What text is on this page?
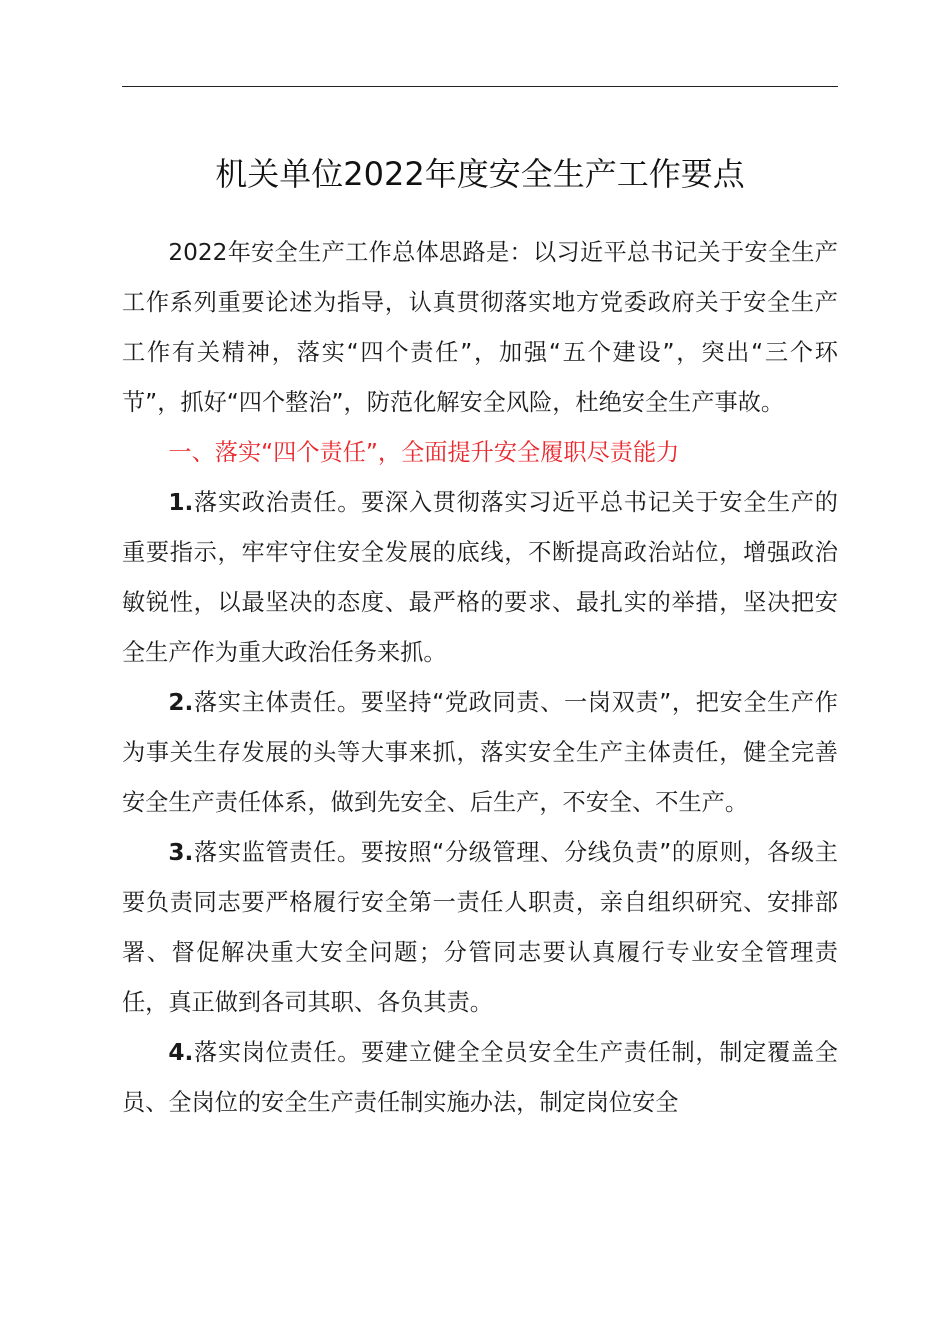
机关单位2022年度安全生产工作要点

2022年安全生产工作总体思路是：以习近平总书记关于安全生产工作系列重要论述为指导，认真贯彻落实地方党委政府关于安全生产工作有关精神，落实“四个责任”，加强“五个建设”，突出“三个环节”，抓好“四个整治”，防范化解安全风险，杜绝安全生产事故。

一、落实“四个责任”，全面提升安全履职尽责能力

1.落实政治责任。要深入贯彻落实习近平总书记关于安全生产的重要指示，牢牢守住安全发展的底线，不断提高政治站位，增强政治敏锐性，以最坚决的态度、最严格的要求、最扎实的举措，坚决把安全生产作为重大政治任务来抓。

2.落实主体责任。要坚持“党政同责、一岗双责”，把安全生产作为事关生存发展的头等大事来抓，落实安全生产主体责任，健全完善安全生产责任体系，做到先安全、后生产，不安全、不生产。

3.落实监管责任。要按照“分级管理、分线负责”的原则，各级主要负责同志要严格履行安全第一责任人职责，亲自组织研究、安排部署、督促解决重大安全问题；分管同志要认真履行专业安全管理责任，真正做到各司其职、各负其责。

4.落实岗位责任。要建立健全全员安全生产责任制，制定覆盖全员、全岗位的安全生产责任制实施办法，制定岗位安全
